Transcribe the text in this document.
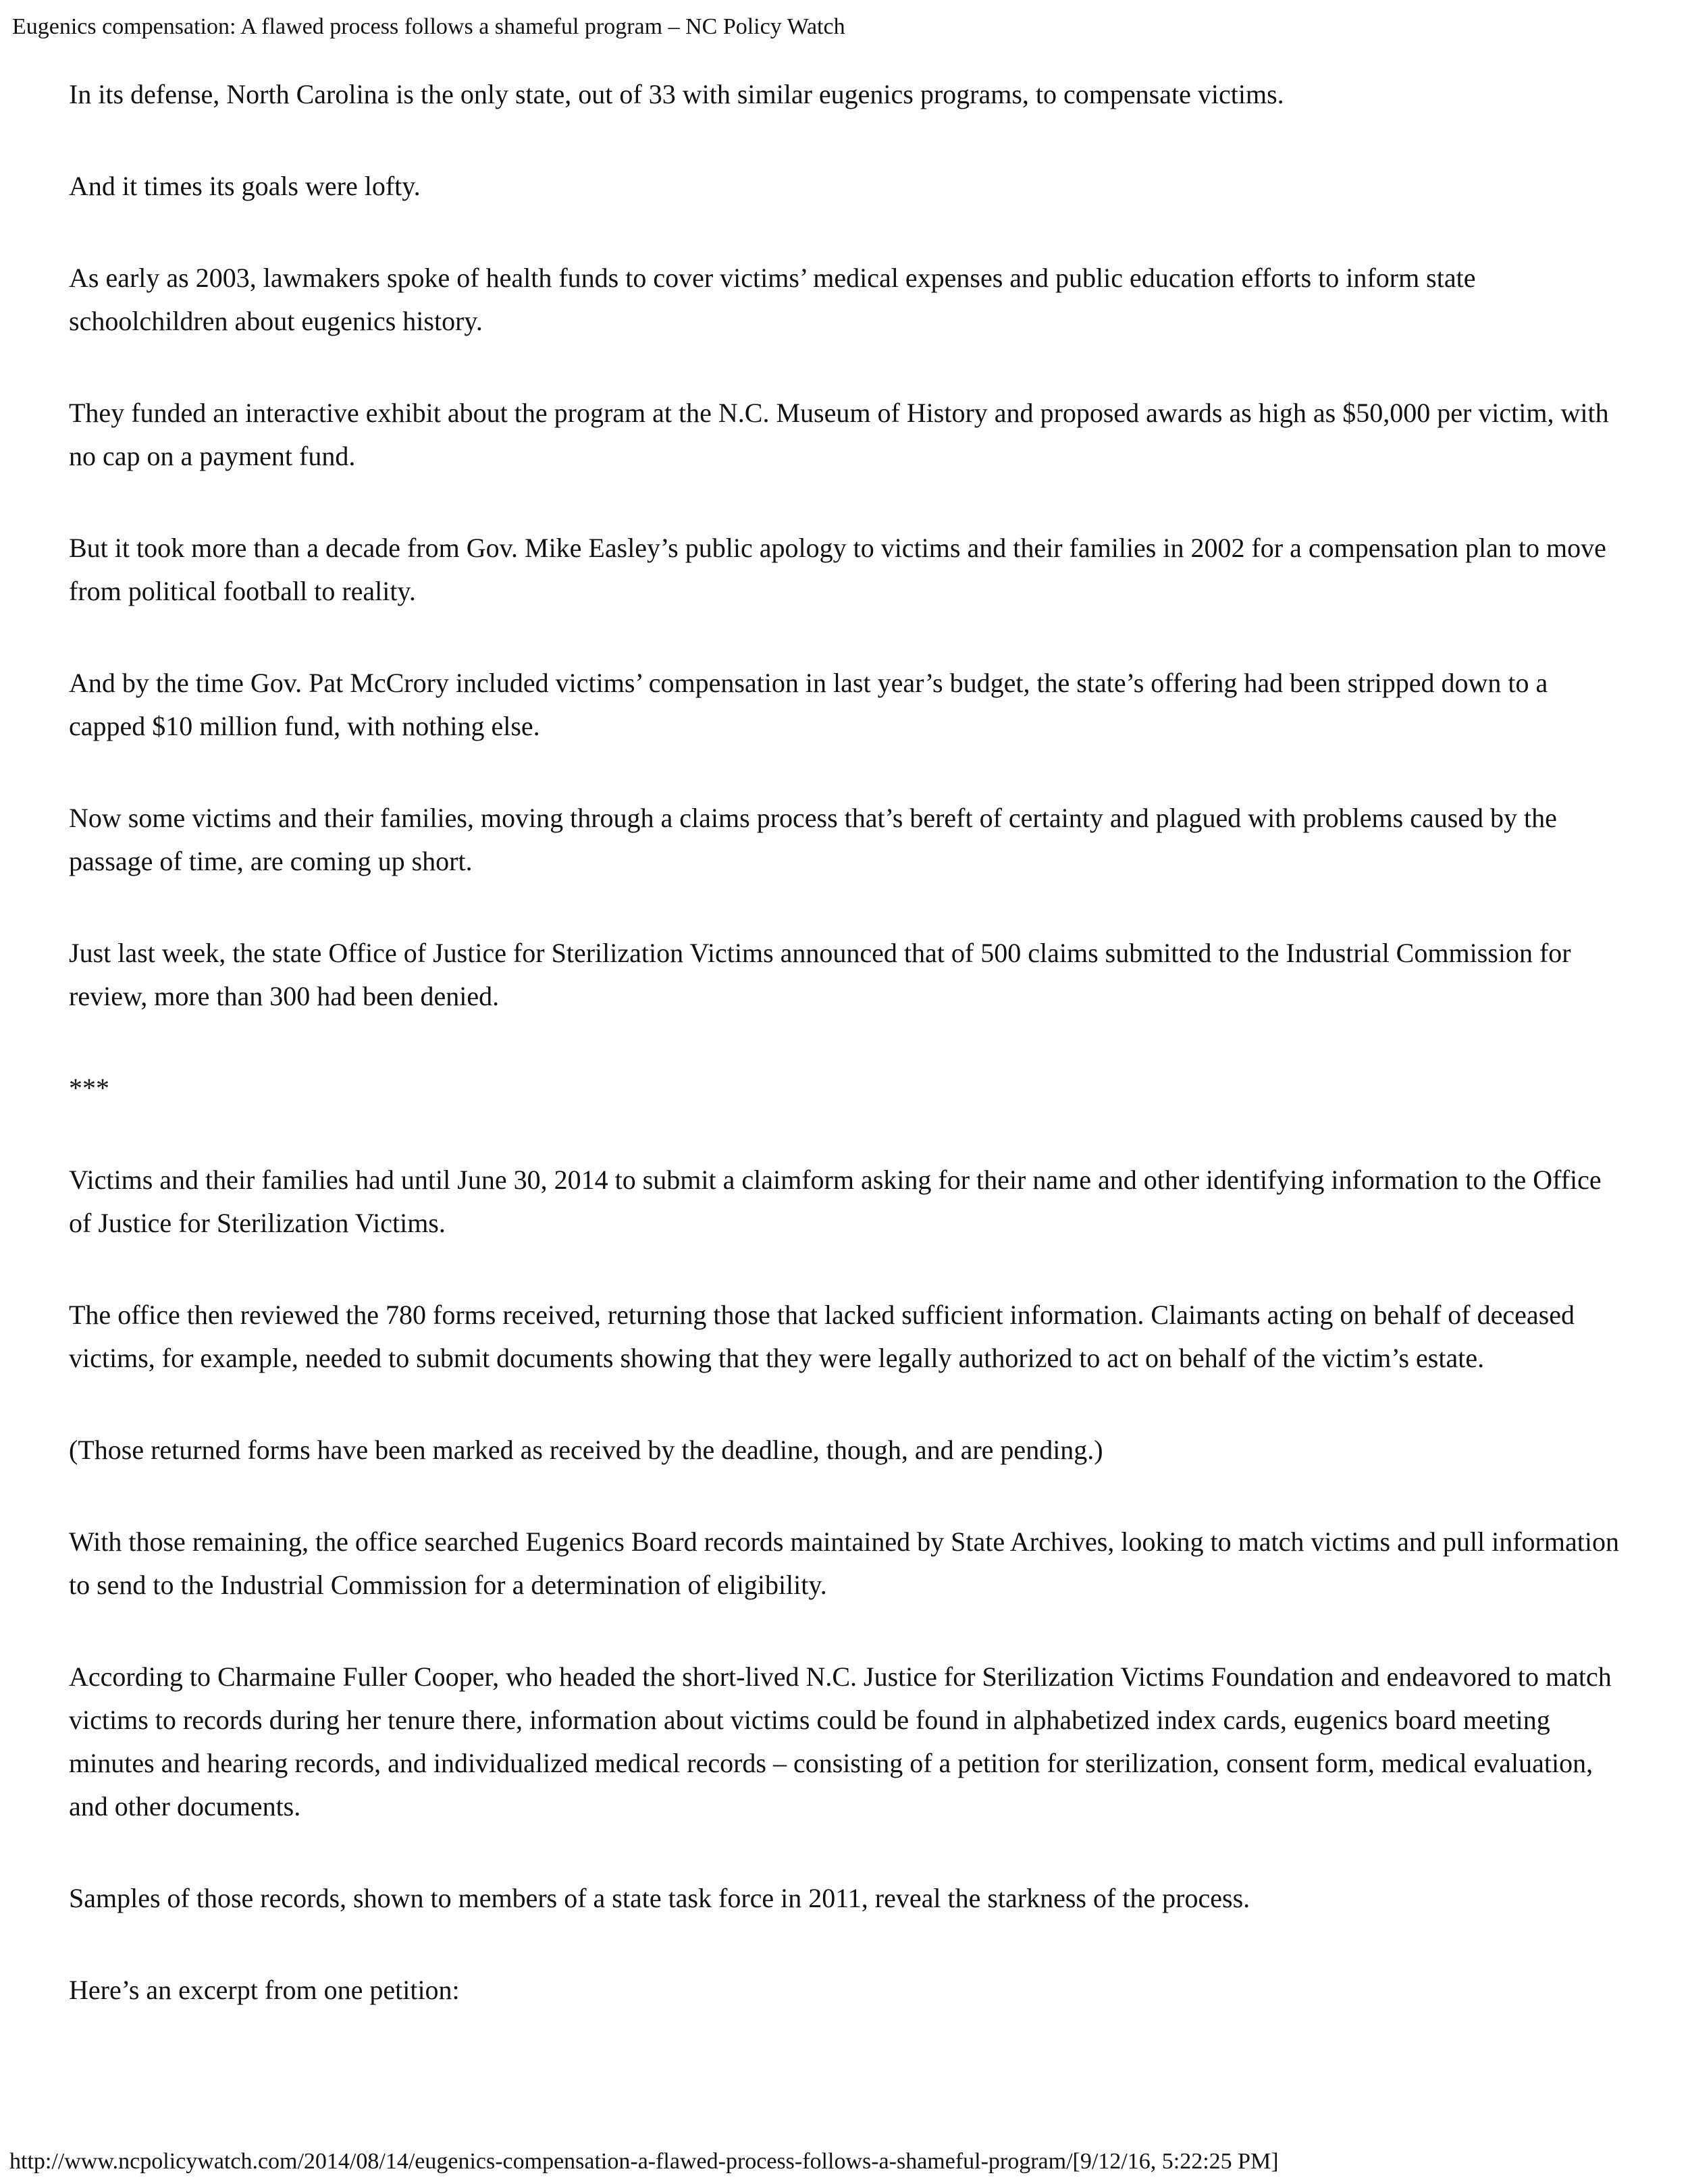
Eugenics compensation: A flawed process follows a shameful program – NC Policy Watch

In its defense, North Carolina is the only state, out of 33 with similar eugenics programs, to compensate victims.

And it times its goals were lofty.

As early as 2003, lawmakers spoke of health funds to cover victims’ medical expenses and public education efforts to inform state schoolchildren about eugenics history.

They funded an interactive exhibit about the program at the N.C. Museum of History and proposed awards as high as $50,000 per victim, with no cap on a payment fund.

But it took more than a decade from Gov. Mike Easley’s public apology to victims and their families in 2002 for a compensation plan to move from political football to reality.

And by the time Gov. Pat McCrory included victims’ compensation in last year’s budget, the state’s offering had been stripped down to a capped $10 million fund, with nothing else.

Now some victims and their families, moving through a claims process that’s bereft of certainty and plagued with problems caused by the passage of time, are coming up short.

Just last week, the state Office of Justice for Sterilization Victims announced that of 500 claims submitted to the Industrial Commission for review, more than 300 had been denied.

***

Victims and their families had until June 30, 2014 to submit a claimform asking for their name and other identifying information to the Office of Justice for Sterilization Victims.

The office then reviewed the 780 forms received, returning those that lacked sufficient information. Claimants acting on behalf of deceased victims, for example, needed to submit documents showing that they were legally authorized to act on behalf of the victim’s estate.

(Those returned forms have been marked as received by the deadline, though, and are pending.)

With those remaining, the office searched Eugenics Board records maintained by State Archives, looking to match victims and pull information to send to the Industrial Commission for a determination of eligibility.

According to Charmaine Fuller Cooper, who headed the short-lived N.C. Justice for Sterilization Victims Foundation and endeavored to match victims to records during her tenure there, information about victims could be found in alphabetized index cards, eugenics board meeting minutes and hearing records, and individualized medical records – consisting of a petition for sterilization, consent form, medical evaluation, and other documents.

Samples of those records, shown to members of a state task force in 2011, reveal the starkness of the process.

Here’s an excerpt from one petition:

http://www.ncpolicywatch.com/2014/08/14/eugenics-compensation-a-flawed-process-follows-a-shameful-program/[9/12/16, 5:22:25 PM]
